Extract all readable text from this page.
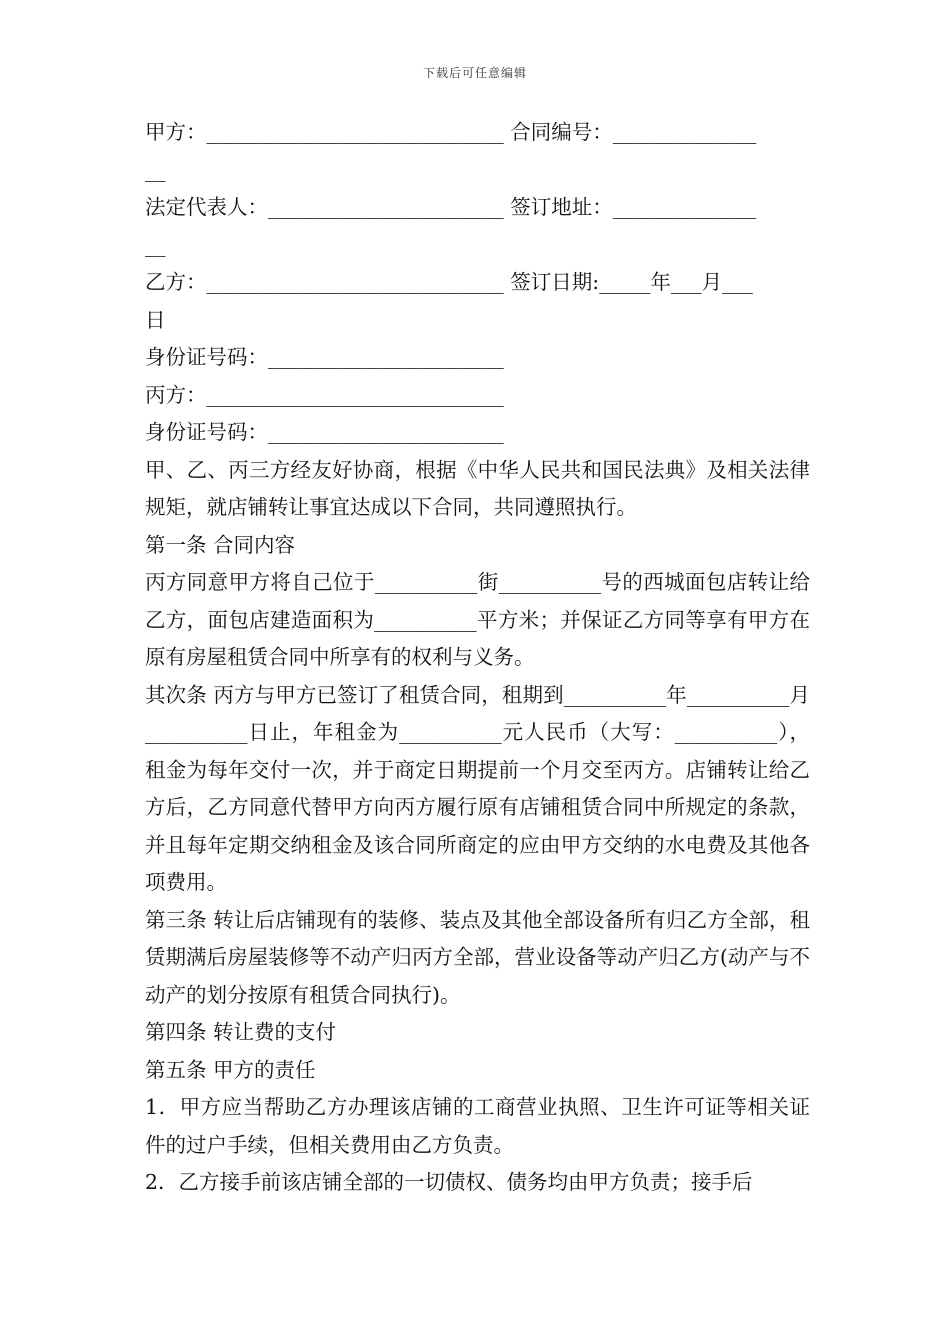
下载后可任意编辑

甲方：_____________________________ 合同编号：______________

__

法定代表人：_______________________ 签订地址：______________

__

乙方：_____________________________ 签订日期:_____年___月___

日

身份证号码：_______________________

丙方：_____________________________

身份证号码：_______________________

甲、乙、丙三方经友好协商，根据《中华人民共和国民法典》及相关法律规矩，就店铺转让事宜达成以下合同，共同遵照执行。

第一条 合同内容

丙方同意甲方将自己位于__________街__________号的西城面包店转让给乙方，面包店建造面积为__________平方米；并保证乙方同等享有甲方在原有房屋租赁合同中所享有的权利与义务。

其次条 丙方与甲方已签订了租赁合同，租期到__________年__________月__________日止，年租金为__________元人民币（大写：__________），租金为每年交付一次，并于商定日期提前一个月交至丙方。店铺转让给乙方后，乙方同意代替甲方向丙方履行原有店铺租赁合同中所规定的条款，并且每年定期交纳租金及该合同所商定的应由甲方交纳的水电费及其他各项费用。

第三条 转让后店铺现有的装修、装点及其他全部设备所有归乙方全部，租赁期满后房屋装修等不动产归丙方全部，营业设备等动产归乙方(动产与不动产的划分按原有租赁合同执行)。

第四条 转让费的支付

第五条 甲方的责任

1．甲方应当帮助乙方办理该店铺的工商营业执照、卫生许可证等相关证件的过户手续，但相关费用由乙方负责。

2．乙方接手前该店铺全部的一切债权、债务均由甲方负责；接手后
